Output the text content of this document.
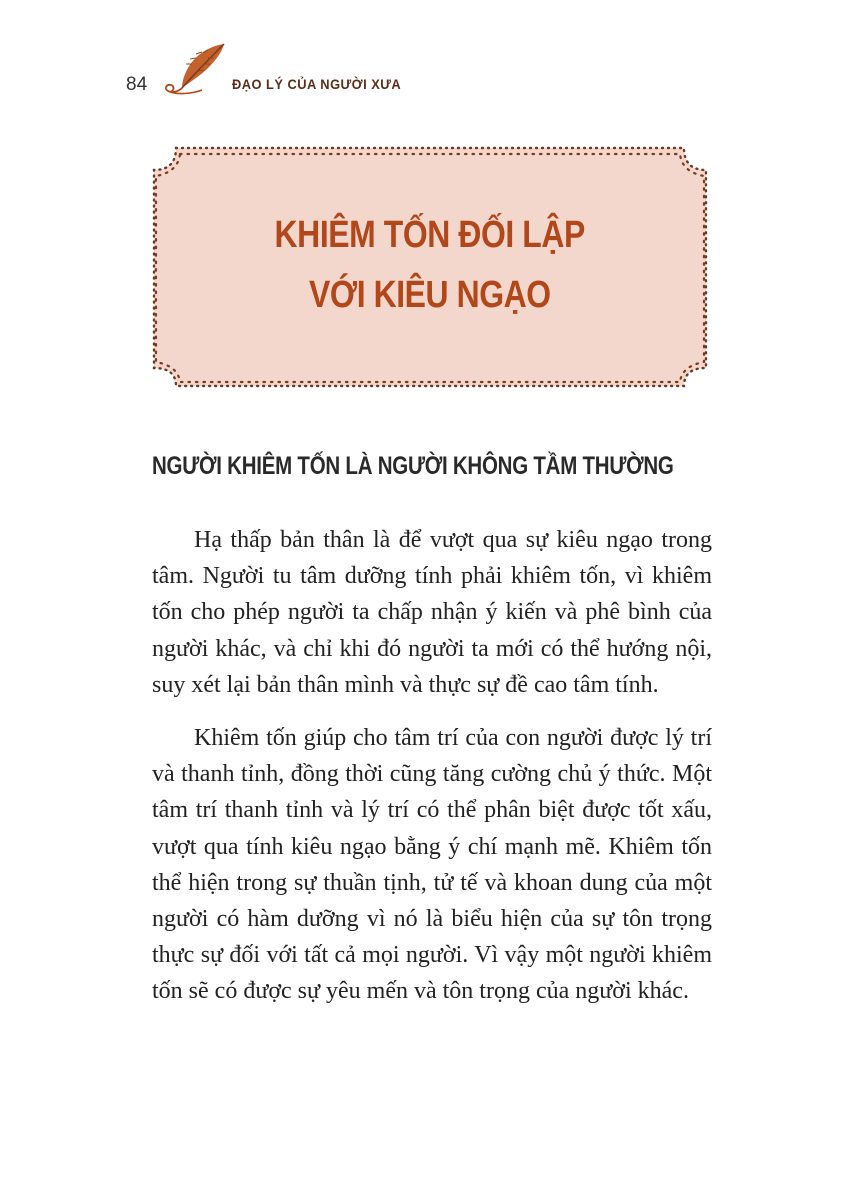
84	ĐẠO LÝ CỦA NGƯỜI XƯA
KHIÊM TỐN ĐỐI LẬP
VỚI KIÊU NGẠO
NGƯỜI KHIÊM TỐN LÀ NGƯỜI KHÔNG TẦM THƯỜNG

Hạ thấp bản thân là để vượt qua sự kiêu ngạo trong tâm. Người tu tâm dưỡng tính phải khiêm tốn, vì khiêm tốn cho phép người ta chấp nhận ý kiến và phê bình của người khác, và chỉ khi đó người ta mới có thể hướng nội, suy xét lại bản thân mình và thực sự đề cao tâm tính.

Khiêm tốn giúp cho tâm trí của con người được lý trí và thanh tỉnh, đồng thời cũng tăng cường chủ ý thức. Một tâm trí thanh tỉnh và lý trí có thể phân biệt được tốt xấu, vượt qua tính kiêu ngạo bằng ý chí mạnh mẽ. Khiêm tốn thể hiện trong sự thuần tịnh, tử tế và khoan dung của một người có hàm dưỡng vì nó là biểu hiện của sự tôn trọng thực sự đối với tất cả mọi người. Vì vậy một người khiêm tốn sẽ có được sự yêu mến và tôn trọng của người khác.
